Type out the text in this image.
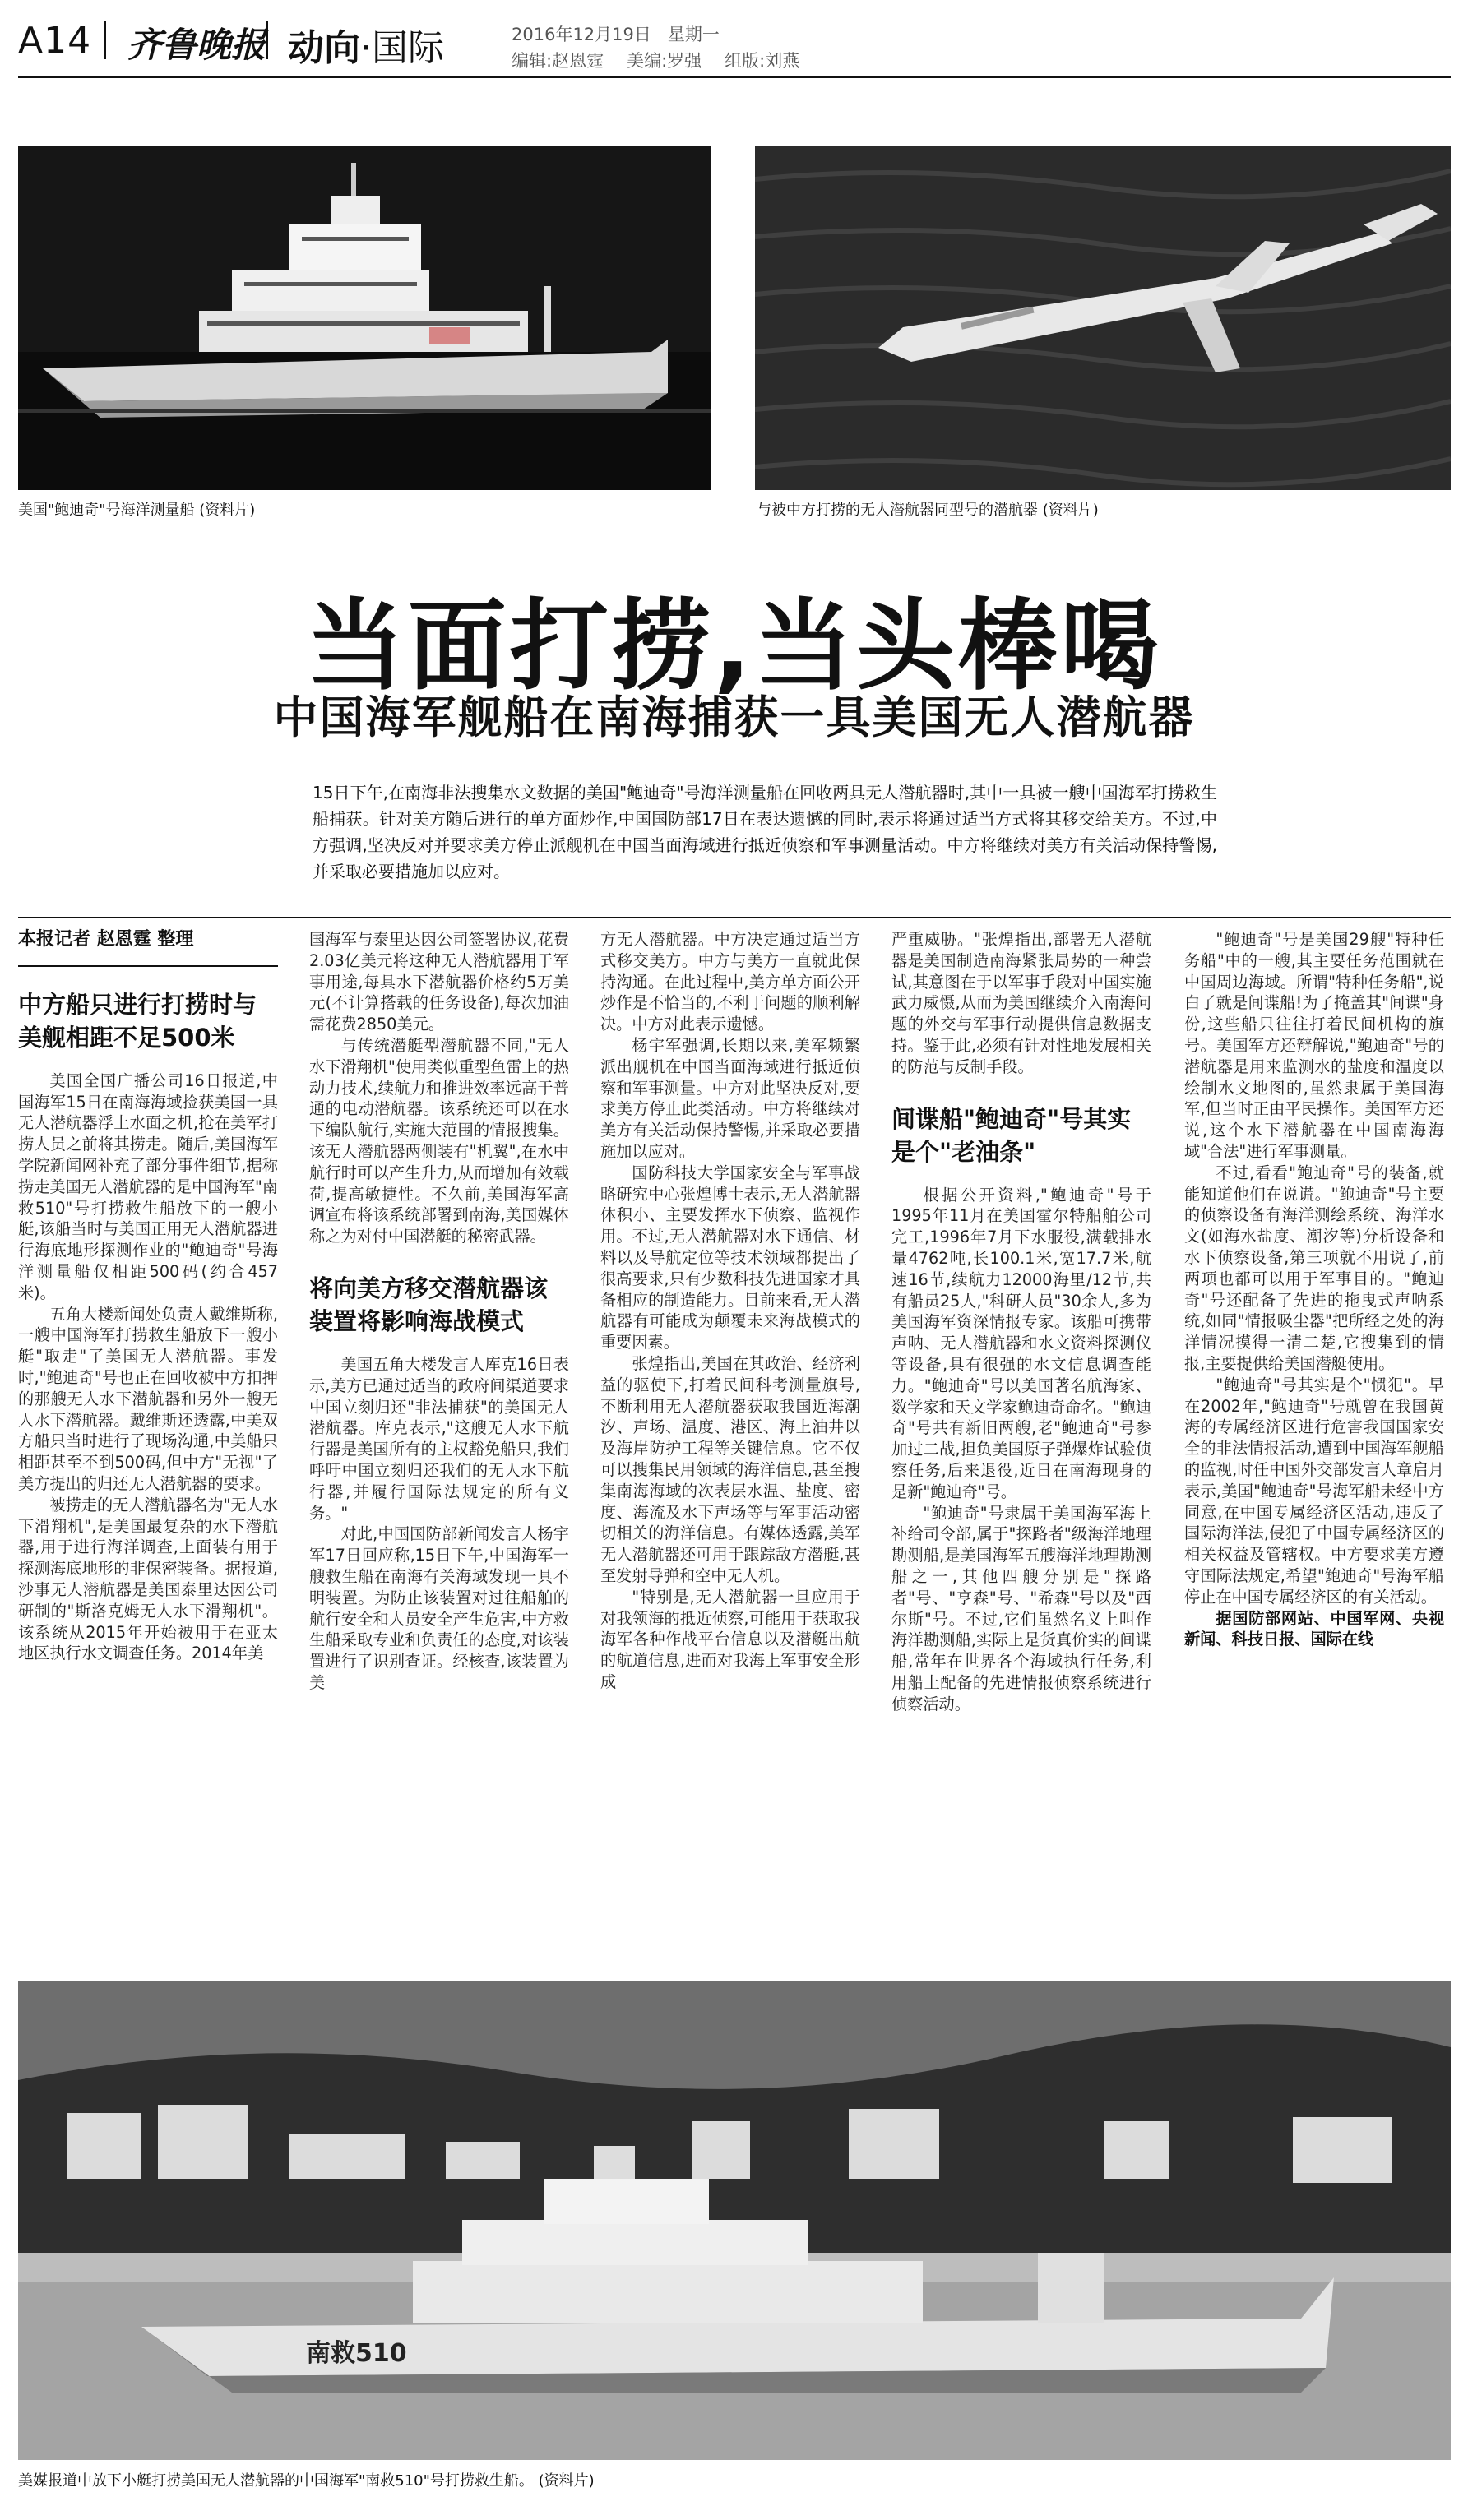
A14 齐鲁晚报 动向·国际	2016年12月19日 星期一
编辑:赵恩霆 美编:罗强 组版:刘燕
美国"鲍迪奇"号海洋测量船 (资料片)	与被中方打捞的无人潜航器同型号的潜航器 (资料片)
当面打捞,当头棒喝
中国海军舰船在南海捕获一具美国无人潜航器
15日下午,在南海非法搜集水文数据的美国"鲍迪奇"号海洋测量船在回收两具无人潜航器时,其中一具被一艘中国海军打捞救生船捕获。针对美方随后进行的单方面炒作,中国国防部17日在表达遗憾的同时,表示将通过适当方式将其移交给美方。不过,中方强调,坚决反对并要求美方停止派舰机在中国当面海域进行抵近侦察和军事测量活动。中方将继续对美方有关活动保持警惕,并采取必要措施加以应对。
本报记者 赵恩霆 整理
中方船只进行打捞时与美舰相距不足500米

美国全国广播公司16日报道,中国海军15日在南海海域捡获美国一具无人潜航器浮上水面之机,抢在美军打捞人员之前将其捞走。随后,美国海军学院新闻网补充了部分事件细节,据称捞走美国无人潜航器的是中国海军"南救510"号打捞救生船放下的一艘小艇,该船当时与美国正用无人潜航器进行海底地形探测作业的"鲍迪奇"号海洋测量船仅相距500码(约合457米)。

五角大楼新闻处负责人戴维斯称,一艘中国海军打捞救生船放下一艘小艇"取走"了美国无人潜航器。事发时,"鲍迪奇"号也正在回收被中方扣押的那艘无人水下潜航器和另外一艘无人水下潜航器。戴维斯还透露,中美双方船只当时进行了现场沟通,中美船只相距甚至不到500码,但中方"无视"了美方提出的归还无人潜航器的要求。

被捞走的无人潜航器名为"无人水下滑翔机",是美国最复杂的水下潜航器,用于进行海洋调查,上面装有用于探测海底地形的非保密装备。据报道,沙事无人潜航器是美国泰里达因公司研制的"斯洛克姆无人水下滑翔机"。该系统从2015年开始被用于在亚太地区执行水文调查任务。2014年美

国海军与泰里达因公司签署协议,花费2.03亿美元将这种无人潜航器用于军事用途,每具水下潜航器价格约5万美元(不计算搭载的任务设备),每次加油需花费2850美元。

与传统潜艇型潜航器不同,"无人水下滑翔机"使用类似重型鱼雷上的热动力技术,续航力和推进效率远高于普通的电动潜航器。该系统还可以在水下编队航行,实施大范围的情报搜集。该无人潜航器两侧装有"机翼",在水中航行时可以产生升力,从而增加有效载荷,提高敏捷性。不久前,美国海军高调宣布将该系统部署到南海,美国媒体称之为对付中国潜艇的秘密武器。

将向美方移交潜航器该装置将影响海战模式

美国五角大楼发言人库克16日表示,美方已通过适当的政府间渠道要求中国立刻归还"非法捕获"的美国无人潜航器。库克表示,"这艘无人水下航行器是美国所有的主权豁免船只,我们呼吁中国立刻归还我们的无人水下航行器,并履行国际法规定的所有义务。"

对此,中国国防部新闻发言人杨宇军17日回应称,15日下午,中国海军一艘救生船在南海有关海域发现一具不明装置。为防止该装置对过往船舶的航行安全和人员安全产生危害,中方救生船采取专业和负责任的态度,对该装置进行了识别查证。经核查,该装置为美

方无人潜航器。中方决定通过适当方式移交美方。中方与美方一直就此保持沟通。在此过程中,美方单方面公开炒作是不恰当的,不利于问题的顺利解决。中方对此表示遗憾。

杨宇军强调,长期以来,美军频繁派出舰机在中国当面海域进行抵近侦察和军事测量。中方对此坚决反对,要求美方停止此类活动。中方将继续对美方有关活动保持警惕,并采取必要措施加以应对。

国防科技大学国家安全与军事战略研究中心张煌博士表示,无人潜航器体积小、主要发挥水下侦察、监视作用。不过,无人潜航器对水下通信、材料以及导航定位等技术领域都提出了很高要求,只有少数科技先进国家才具备相应的制造能力。目前来看,无人潜航器有可能成为颠覆未来海战模式的重要因素。

张煌指出,美国在其政治、经济利益的驱使下,打着民间科考测量旗号,不断利用无人潜航器获取我国近海潮汐、声场、温度、港区、海上油井以及海岸防护工程等关键信息。它不仅可以搜集民用领域的海洋信息,甚至搜集南海海域的次表层水温、盐度、密度、海流及水下声场等与军事活动密切相关的海洋信息。有媒体透露,美军无人潜航器还可用于跟踪敌方潜艇,甚至发射导弹和空中无人机。

"特别是,无人潜航器一旦应用于对我领海的抵近侦察,可能用于获取我海军各种作战平台信息以及潜艇出航的航道信息,进而对我海上军事安全形成

严重威胁。"张煌指出,部署无人潜航器是美国制造南海紧张局势的一种尝试,其意图在于以军事手段对中国实施武力威慑,从而为美国继续介入南海问题的外交与军事行动提供信息数据支持。鉴于此,必须有针对性地发展相关的防范与反制手段。

间谍船"鲍迪奇"号其实是个"老油条"

根据公开资料,"鲍迪奇"号于1995年11月在美国霍尔特船舶公司完工,1996年7月下水服役,满载排水量4762吨,长100.1米,宽17.7米,航速16节,续航力12000海里/12节,共有船员25人,"科研人员"30余人,多为美国海军资深情报专家。该船可携带声呐、无人潜航器和水文资料探测仪等设备,具有很强的水文信息调查能力。"鲍迪奇"号以美国著名航海家、数学家和天文学家鲍迪奇命名。"鲍迪奇"号共有新旧两艘,老"鲍迪奇"号参加过二战,担负美国原子弹爆炸试验侦察任务,后来退役,近日在南海现身的是新"鲍迪奇"号。

"鲍迪奇"号隶属于美国海军海上补给司令部,属于"探路者"级海洋地理勘测船,是美国海军五艘海洋地理勘测船之一,其他四艘分别是"探路者"号、"亨森"号、"希森"号以及"西尔斯"号。不过,它们虽然名义上叫作海洋勘测船,实际上是货真价实的间谍船,常年在世界各个海域执行任务,利用船上配备的先进情报侦察系统进行侦察活动。

"鲍迪奇"号是美国29艘"特种任务船"中的一艘,其主要任务范围就在中国周边海域。所谓"特种任务船",说白了就是间谍船!为了掩盖其"间谍"身份,这些船只往往打着民间机构的旗号。美国军方还辩解说,"鲍迪奇"号的潜航器是用来监测水的盐度和温度以绘制水文地图的,虽然隶属于美国海军,但当时正由平民操作。美国军方还说,这个水下潜航器在中国南海海域"合法"进行军事测量。

不过,看看"鲍迪奇"号的装备,就能知道他们在说谎。"鲍迪奇"号主要的侦察设备有海洋测绘系统、海洋水文(如海水盐度、潮汐等)分析设备和水下侦察设备,第三项就不用说了,前两项也都可以用于军事目的。"鲍迪奇"号还配备了先进的拖曳式声呐系统,如同"情报吸尘器"把所经之处的海洋情况摸得一清二楚,它搜集到的情报,主要提供给美国潜艇使用。

"鲍迪奇"号其实是个"惯犯"。早在2002年,"鲍迪奇"号就曾在我国黄海的专属经济区进行危害我国国家安全的非法情报活动,遭到中国海军舰船的监视,时任中国外交部发言人章启月表示,美国"鲍迪奇"号海军船未经中方同意,在中国专属经济区活动,违反了国际海洋法,侵犯了中国专属经济区的相关权益及管辖权。中方要求美方遵守国际法规定,希望"鲍迪奇"号海军船停止在中国专属经济区的有关活动。

据国防部网站、中国军网、央视新闻、科技日报、国际在线

南救510
美媒报道中放下小艇打捞美国无人潜航器的中国海军"南救510"号打捞救生船。 (资料片)
